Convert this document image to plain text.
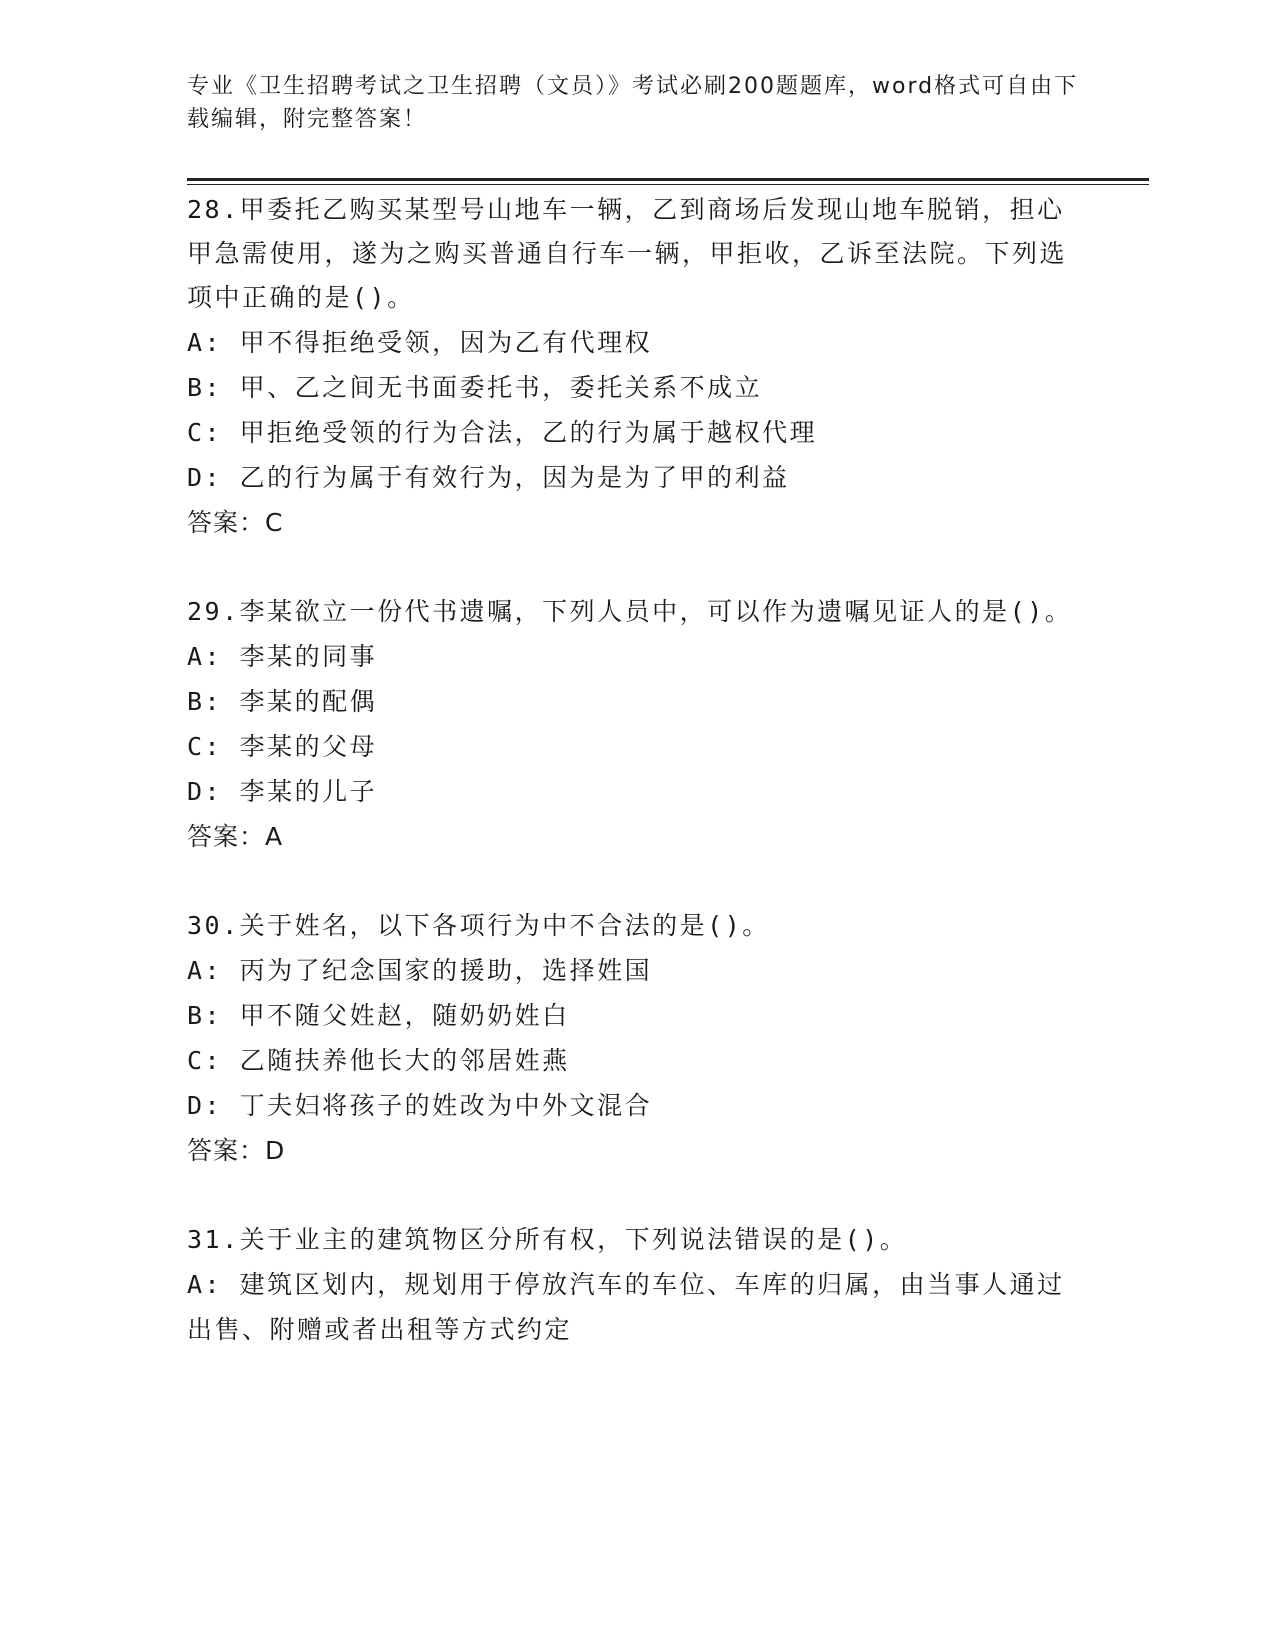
专业《卫生招聘考试之卫生招聘（文员）》考试必刷200题题库，word格式可自由下载编辑，附完整答案！

28.甲委托乙购买某型号山地车一辆，乙到商场后发现山地车脱销，担心甲急需使用，遂为之购买普通自行车一辆，甲拒收，乙诉至法院。下列选项中正确的是()。

A: 甲不得拒绝受领，因为乙有代理权

B: 甲、乙之间无书面委托书，委托关系不成立

C: 甲拒绝受领的行为合法，乙的行为属于越权代理

D: 乙的行为属于有效行为，因为是为了甲的利益

答案：C

29.李某欲立一份代书遗嘱，下列人员中，可以作为遗嘱见证人的是()。

A: 李某的同事

B: 李某的配偶

C: 李某的父母

D: 李某的儿子

答案：A

30.关于姓名，以下各项行为中不合法的是()。

A: 丙为了纪念国家的援助，选择姓国

B: 甲不随父姓赵，随奶奶姓白

C: 乙随扶养他长大的邻居姓燕

D: 丁夫妇将孩子的姓改为中外文混合

答案：D

31.关于业主的建筑物区分所有权，下列说法错误的是()。

A: 建筑区划内，规划用于停放汽车的车位、车库的归属，由当事人通过出售、附赠或者出租等方式约定
